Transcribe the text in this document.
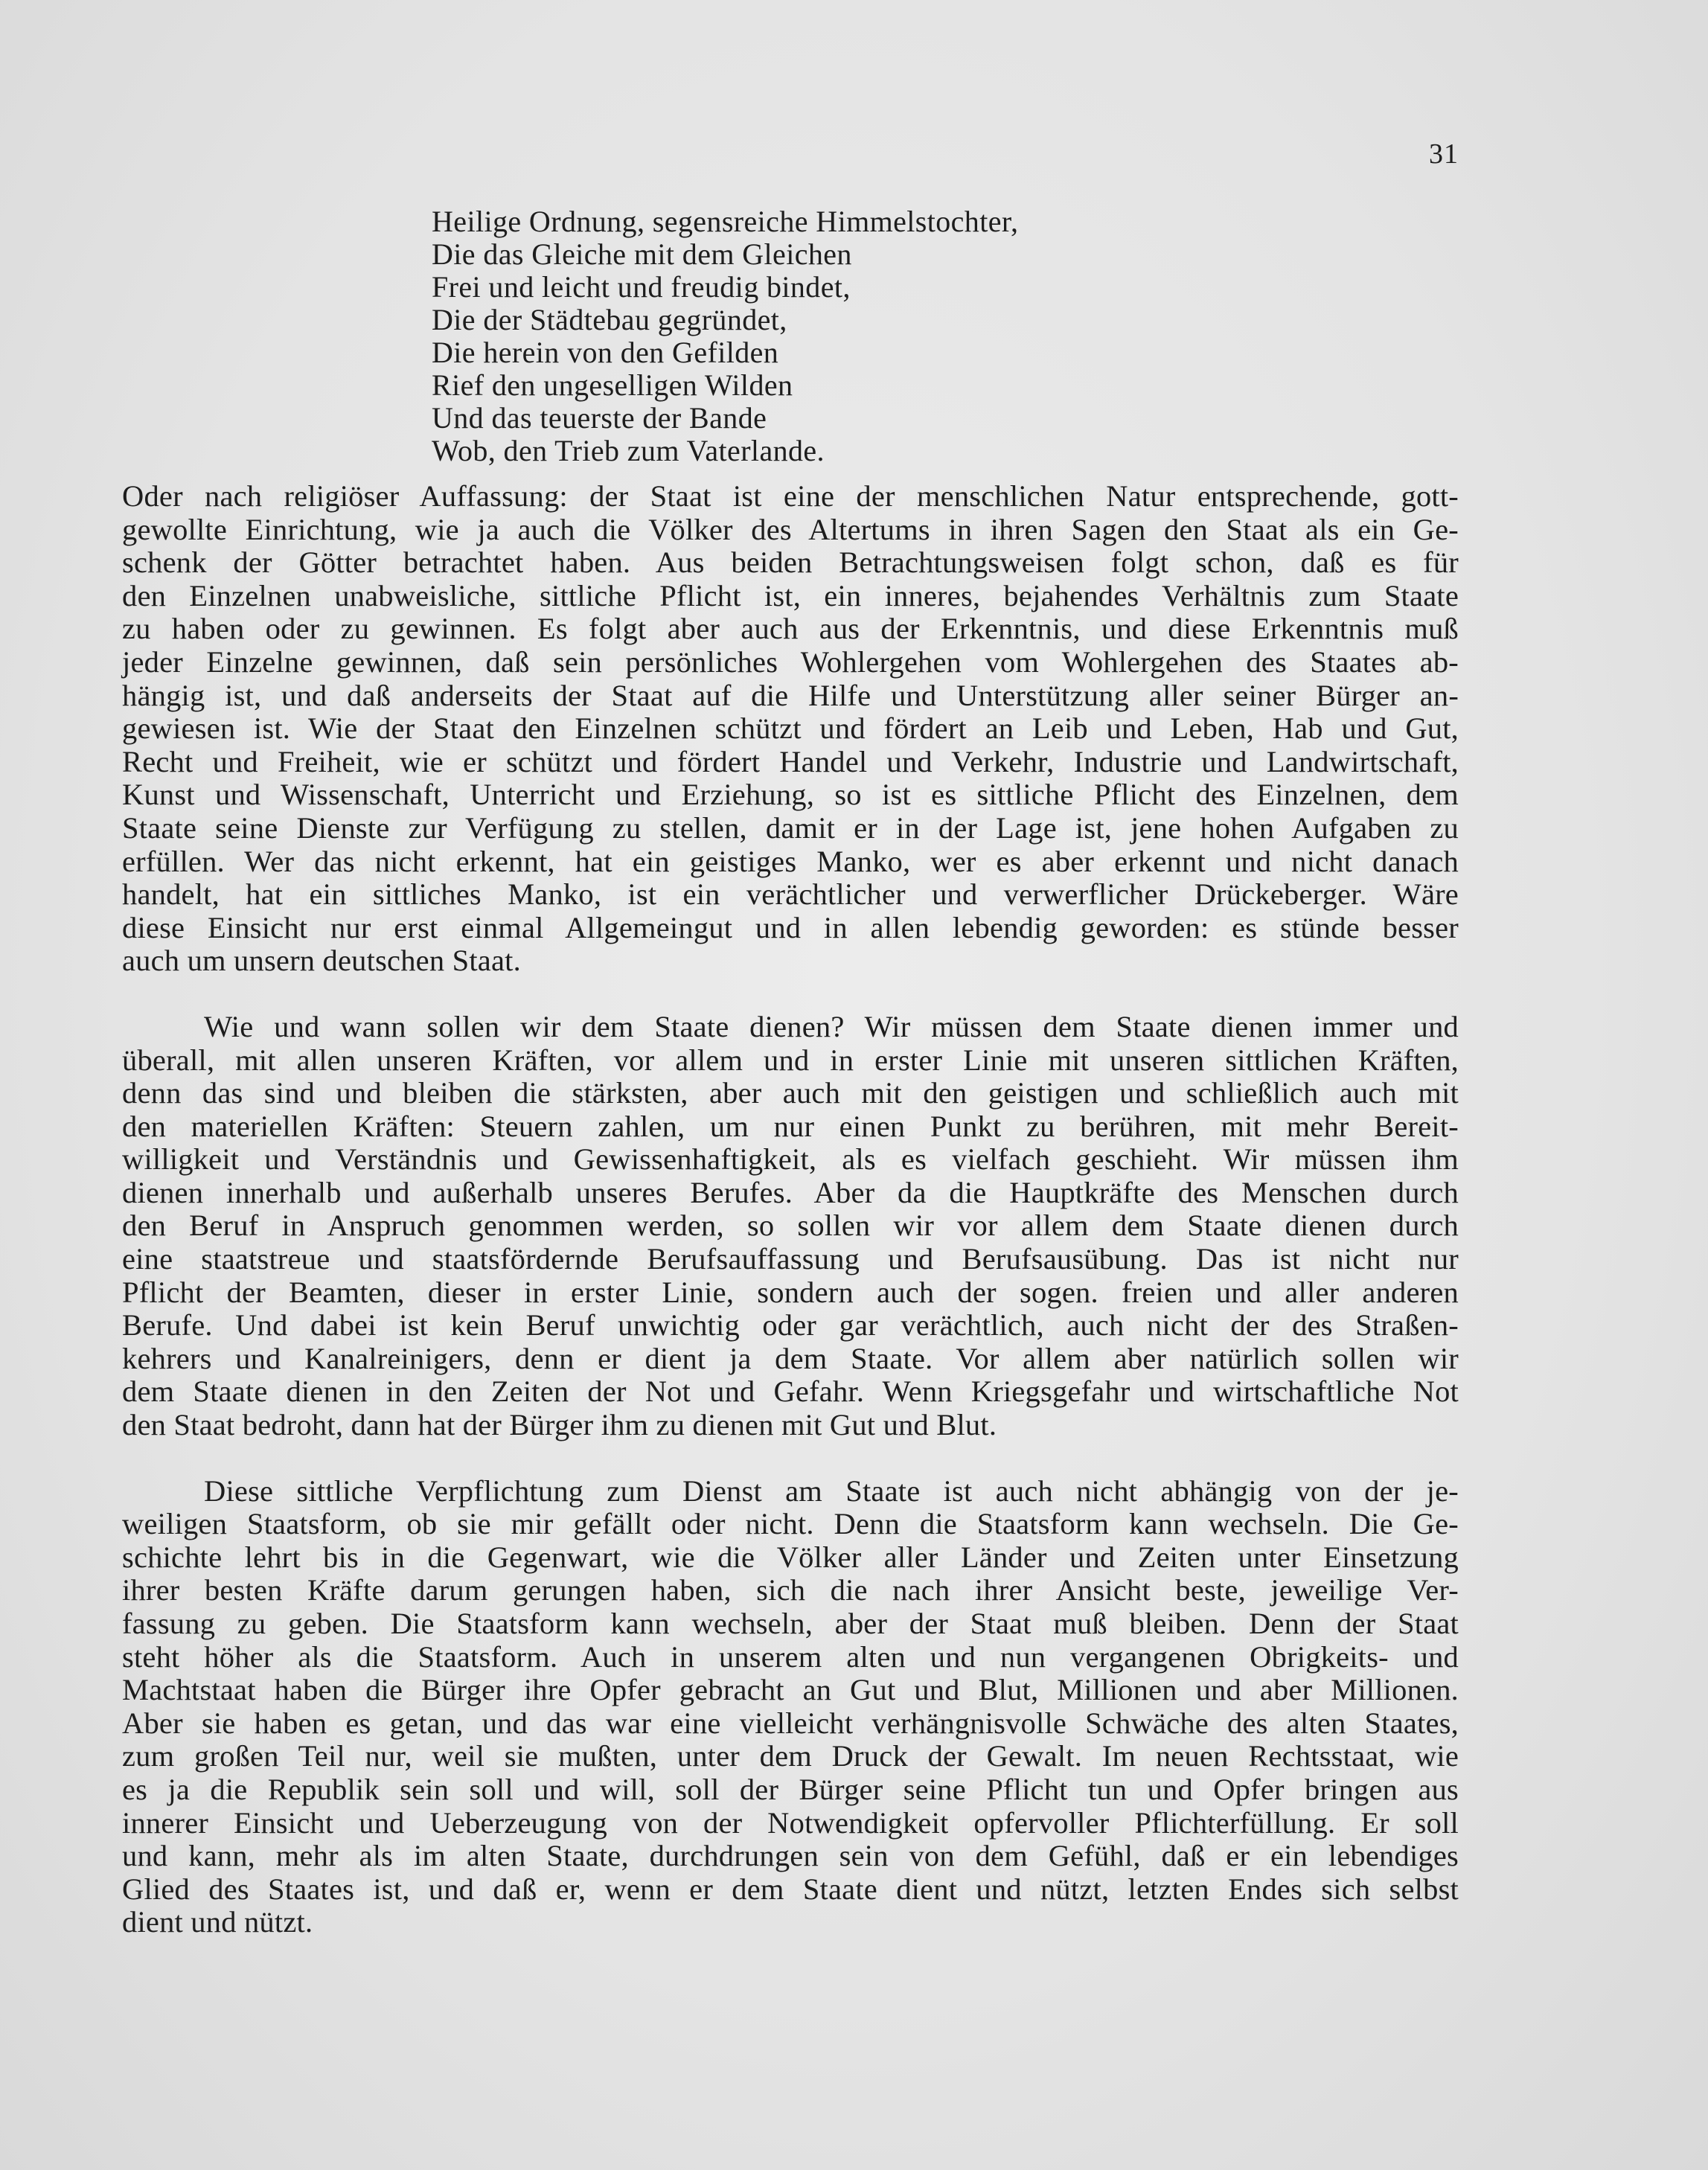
31
Heilige Ordnung, segensreiche Himmelstochter,
Die das Gleiche mit dem Gleichen
Frei und leicht und freudig bindet,
Die der Städtebau gegründet,
Die herein von den Gefilden
Rief den ungeselligen Wilden
Und das teuerste der Bande
Wob, den Trieb zum Vaterlande.
Oder nach religiöser Auffassung: der Staat ist eine der menschlichen Natur entsprechende, gott-
gewollte Einrichtung, wie ja auch die Völker des Altertums in ihren Sagen den Staat als ein Ge-
schenk der Götter betrachtet haben. Aus beiden Betrachtungsweisen folgt schon, daß es für
den Einzelnen unabweisliche, sittliche Pflicht ist, ein inneres, bejahendes Verhältnis zum Staate
zu haben oder zu gewinnen. Es folgt aber auch aus der Erkenntnis, und diese Erkenntnis muß
jeder Einzelne gewinnen, daß sein persönliches Wohlergehen vom Wohlergehen des Staates ab-
hängig ist, und daß anderseits der Staat auf die Hilfe und Unterstützung aller seiner Bürger an-
gewiesen ist. Wie der Staat den Einzelnen schützt und fördert an Leib und Leben, Hab und Gut,
Recht und Freiheit, wie er schützt und fördert Handel und Verkehr, Industrie und Landwirtschaft,
Kunst und Wissenschaft, Unterricht und Erziehung, so ist es sittliche Pflicht des Einzelnen, dem
Staate seine Dienste zur Verfügung zu stellen, damit er in der Lage ist, jene hohen Aufgaben zu
erfüllen. Wer das nicht erkennt, hat ein geistiges Manko, wer es aber erkennt und nicht danach
handelt, hat ein sittliches Manko, ist ein verächtlicher und verwerflicher Drückeberger. Wäre
diese Einsicht nur erst einmal Allgemeingut und in allen lebendig geworden: es stünde besser
auch um unsern deutschen Staat.
Wie und wann sollen wir dem Staate dienen? Wir müssen dem Staate dienen immer und
überall, mit allen unseren Kräften, vor allem und in erster Linie mit unseren sittlichen Kräften,
denn das sind und bleiben die stärksten, aber auch mit den geistigen und schließlich auch mit
den materiellen Kräften: Steuern zahlen, um nur einen Punkt zu berühren, mit mehr Bereit-
willigkeit und Verständnis und Gewissenhaftigkeit, als es vielfach geschieht. Wir müssen ihm
dienen innerhalb und außerhalb unseres Berufes. Aber da die Hauptkräfte des Menschen durch
den Beruf in Anspruch genommen werden, so sollen wir vor allem dem Staate dienen durch
eine staatstreue und staatsfördernde Berufsauffassung und Berufsausübung. Das ist nicht nur
Pflicht der Beamten, dieser in erster Linie, sondern auch der sogen. freien und aller anderen
Berufe. Und dabei ist kein Beruf unwichtig oder gar verächtlich, auch nicht der des Straßen-
kehrers und Kanalreinigers, denn er dient ja dem Staate. Vor allem aber natürlich sollen wir
dem Staate dienen in den Zeiten der Not und Gefahr. Wenn Kriegsgefahr und wirtschaftliche Not
den Staat bedroht, dann hat der Bürger ihm zu dienen mit Gut und Blut.
Diese sittliche Verpflichtung zum Dienst am Staate ist auch nicht abhängig von der je-
weiligen Staatsform, ob sie mir gefällt oder nicht. Denn die Staatsform kann wechseln. Die Ge-
schichte lehrt bis in die Gegenwart, wie die Völker aller Länder und Zeiten unter Einsetzung
ihrer besten Kräfte darum gerungen haben, sich die nach ihrer Ansicht beste, jeweilige Ver-
fassung zu geben. Die Staatsform kann wechseln, aber der Staat muß bleiben. Denn der Staat
steht höher als die Staatsform. Auch in unserem alten und nun vergangenen Obrigkeits- und
Machtstaat haben die Bürger ihre Opfer gebracht an Gut und Blut, Millionen und aber Millionen.
Aber sie haben es getan, und das war eine vielleicht verhängnisvolle Schwäche des alten Staates,
zum großen Teil nur, weil sie mußten, unter dem Druck der Gewalt. Im neuen Rechtsstaat, wie
es ja die Republik sein soll und will, soll der Bürger seine Pflicht tun und Opfer bringen aus
innerer Einsicht und Ueberzeugung von der Notwendigkeit opfervoller Pflichterfüllung. Er soll
und kann, mehr als im alten Staate, durchdrungen sein von dem Gefühl, daß er ein lebendiges
Glied des Staates ist, und daß er, wenn er dem Staate dient und nützt, letzten Endes sich selbst
dient und nützt.
